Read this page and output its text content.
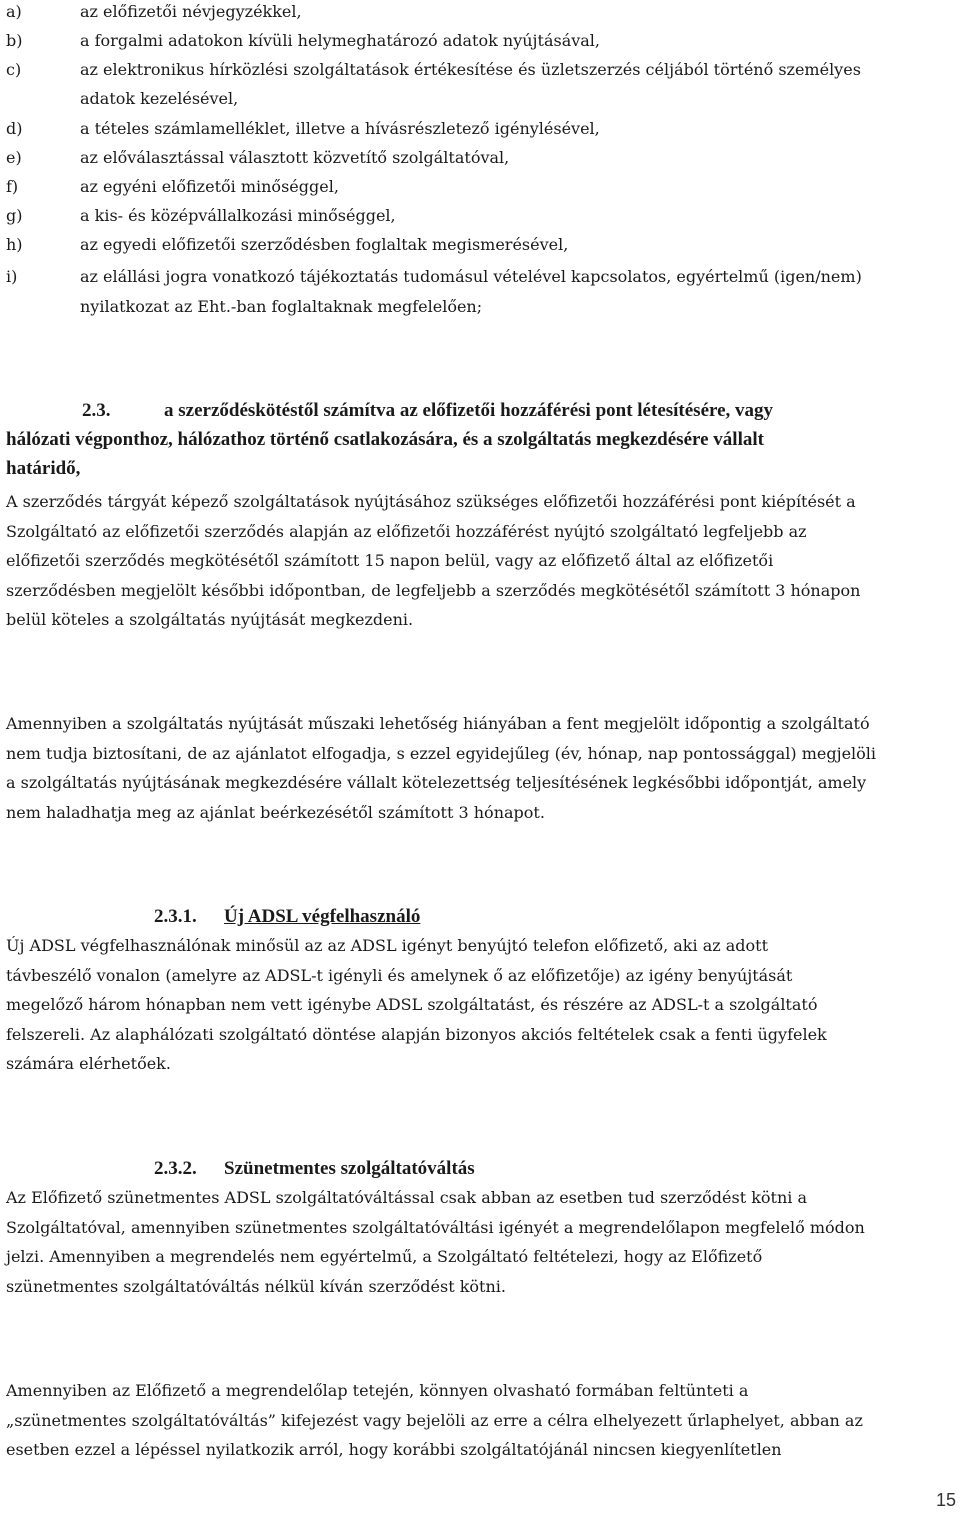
a)	az előfizetői névjegyzékkel,
b)	a forgalmi adatokon kívüli helymeghatározó adatok nyújtásával,
c)	az elektronikus hírközlési szolgáltatások értékesítése és üzletszerzés céljából történő személyes
adatok kezelésével,
d)	a tételes számlamelléklet, illetve a hívásrészletező igénylésével,
e)	az előválasztással választott közvetítő szolgáltatóval,
f)	az egyéni előfizetői minőséggel,
g)	a kis- és középvállalkozási minőséggel,
h)	az egyedi előfizetői szerződésben foglaltak megismerésével,
i)	az elállási jogra vonatkozó tájékoztatás tudomásul vételével kapcsolatos, egyértelmű (igen/nem)
nyilatkozat az Eht.-ban foglaltaknak megfelelően;
2.3.	a szerződéskötéstől számítva az előfizetői hozzáférési pont létesítésére, vagy
hálózati végponthoz, hálózathoz történő csatlakozására, és a szolgáltatás megkezdésére vállalt
határidő,
A szerződés tárgyát képező szolgáltatások nyújtásához szükséges előfizetői hozzáférési pont kiépítését a
Szolgáltató az előfizetői szerződés alapján az előfizetői hozzáférést nyújtó szolgáltató legfeljebb az
előfizetői szerződés megkötésétől számított 15 napon belül, vagy az előfizető által az előfizetői
szerződésben megjelölt későbbi időpontban, de legfeljebb a szerződés megkötésétől számított 3 hónapon
belül köteles a szolgáltatás nyújtását megkezdeni.
Amennyiben a szolgáltatás nyújtását műszaki lehetőség hiányában a fent megjelölt időpontig a szolgáltató
nem tudja biztosítani, de az ajánlatot elfogadja, s ezzel egyidejűleg (év, hónap, nap pontossággal) megjelöli
a szolgáltatás nyújtásának megkezdésére vállalt kötelezettség teljesítésének legkésőbbi időpontját, amely
nem haladhatja meg az ajánlat beérkezésétől számított 3 hónapot.
2.3.1. Új ADSL végfelhasználó
Új ADSL végfelhasználónak minősül az az ADSL igényt benyújtó telefon előfizető, aki az adott
távbeszélő vonalon (amelyre az ADSL-t igényli és amelynek ő az előfizetője) az igény benyújtását
megelőző három hónapban nem vett igénybe ADSL szolgáltatást, és részére az ADSL-t a szolgáltató
felszereli. Az alaphálózati szolgáltató döntése alapján bizonyos akciós feltételek csak a fenti ügyfelek
számára elérhetőek.
2.3.2. Szünetmentes szolgáltatóváltás
Az Előfizető szünetmentes ADSL szolgáltatóváltással csak abban az esetben tud szerződést kötni a
Szolgáltatóval, amennyiben szünetmentes szolgáltatóváltási igényét a megrendelőlapon megfelelő módon
jelzi. Amennyiben a megrendelés nem egyértelmű, a Szolgáltató feltételezi, hogy az Előfizető
szünetmentes szolgáltatóváltás nélkül kíván szerződést kötni.
Amennyiben az Előfizető a megrendelőlap tetején, könnyen olvasható formában feltünteti a
„szünetmentes szolgáltatóváltás” kifejezést vagy bejelöli az erre a célra elhelyezett űrlaphelyet, abban az
esetben ezzel a lépéssel nyilatkozik arról, hogy korábbi szolgáltatójánál nincsen kiegyenlítetlen
15
